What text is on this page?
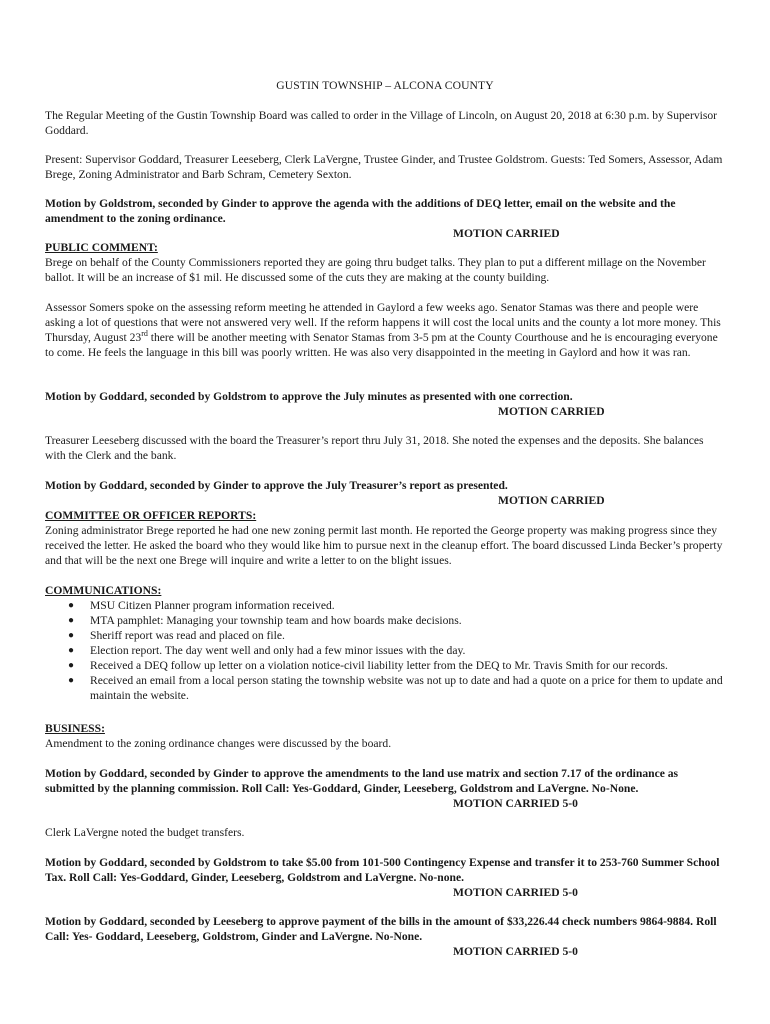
GUSTIN TOWNSHIP – ALCONA COUNTY

The Regular Meeting of the Gustin Township Board was called to order in the Village of Lincoln, on August 20, 2018 at 6:30 p.m. by Supervisor Goddard.

Present: Supervisor Goddard, Treasurer Leeseberg, Clerk LaVergne, Trustee Ginder, and Trustee Goldstrom. Guests: Ted Somers, Assessor, Adam Brege, Zoning Administrator and Barb Schram, Cemetery Sexton.

Motion by Goldstrom, seconded by Ginder to approve the agenda with the additions of DEQ letter, email on the website and the amendment to the zoning ordinance.

MOTION CARRIED
PUBLIC COMMENT:

Brege on behalf of the County Commissioners reported they are going thru budget talks. They plan to put a different millage on the November ballot. It will be an increase of $1 mil. He discussed some of the cuts they are making at the county building.

Assessor Somers spoke on the assessing reform meeting he attended in Gaylord a few weeks ago. Senator Stamas was there and people were asking a lot of questions that were not answered very well. If the reform happens it will cost the local units and the county a lot more money. This Thursday, August 23rd there will be another meeting with Senator Stamas from 3-5 pm at the County Courthouse and he is encouraging everyone to come. He feels the language in this bill was poorly written. He was also very disappointed in the meeting in Gaylord and how it was ran.

Motion by Goddard, seconded by Goldstrom to approve the July minutes as presented with one correction.

MOTION CARRIED

Treasurer Leeseberg discussed with the board the Treasurer’s report thru July 31, 2018. She noted the expenses and the deposits. She balances with the Clerk and the bank.

Motion by Goddard, seconded by Ginder to approve the July Treasurer’s report as presented.

MOTION CARRIED
COMMITTEE OR OFFICER REPORTS:

Zoning administrator Brege reported he had one new zoning permit last month. He reported the George property was making progress since they received the letter. He asked the board who they would like him to pursue next in the cleanup effort. The board discussed Linda Becker’s property and that will be the next one Brege will inquire and write a letter to on the blight issues.

COMMUNICATIONS:
● MSU Citizen Planner program information received.
● MTA pamphlet: Managing your township team and how boards make decisions.
● Sheriff report was read and placed on file.
● Election report. The day went well and only had a few minor issues with the day.
● Received a DEQ follow up letter on a violation notice-civil liability letter from the DEQ to Mr. Travis Smith for our records.
● Received an email from a local person stating the township website was not up to date and had a quote on a price for them to update and maintain the website.
BUSINESS:

Amendment to the zoning ordinance changes were discussed by the board.

Motion by Goddard, seconded by Ginder to approve the amendments to the land use matrix and section 7.17 of the ordinance as submitted by the planning commission. Roll Call: Yes-Goddard, Ginder, Leeseberg, Goldstrom and LaVergne. No-None.

MOTION CARRIED 5-0

Clerk LaVergne noted the budget transfers.

Motion by Goddard, seconded by Goldstrom to take $5.00 from 101-500 Contingency Expense and transfer it to 253-760 Summer School Tax. Roll Call: Yes-Goddard, Ginder, Leeseberg, Goldstrom and LaVergne. No-none.

MOTION CARRIED 5-0

Motion by Goddard, seconded by Leeseberg to approve payment of the bills in the amount of $33,226.44 check numbers 9864-9884. Roll Call: Yes- Goddard, Leeseberg, Goldstrom, Ginder and LaVergne. No-None.

MOTION CARRIED 5-0
